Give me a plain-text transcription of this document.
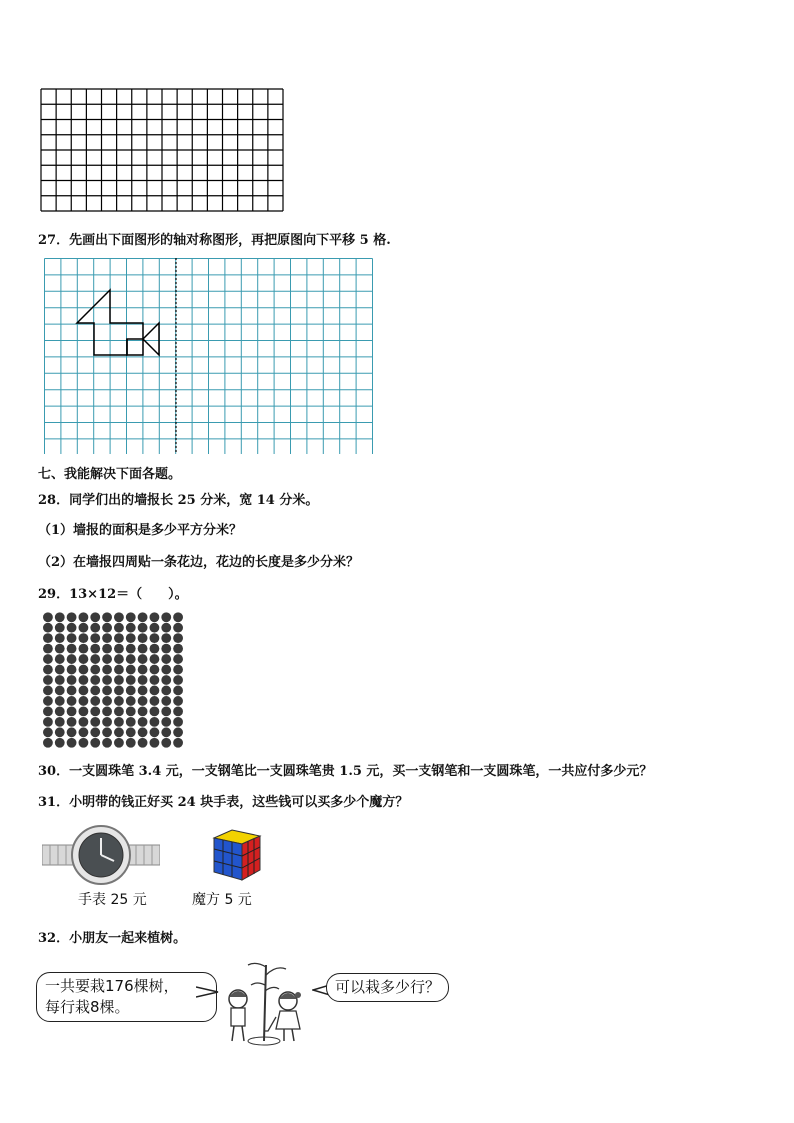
27．先画出下面图形的轴对称图形，再把原图向下平移 5 格.
七、我能解决下面各题。
28．同学们出的墙报长 25 分米，宽 14 分米。
（1）墙报的面积是多少平方分米？
（2）在墙报四周贴一条花边，花边的长度是多少分米？
29．13×12＝（　　）。
30．一支圆珠笔 3.4 元，一支钢笔比一支圆珠笔贵 1.5 元，买一支钢笔和一支圆珠笔，一共应付多少元？
31．小明带的钱正好买 24 块手表，这些钱可以买多少个魔方？
手表 25 元	魔方 5 元
32．小朋友一起来植树。
一共要栽176棵树，
每行栽8棵。
可以栽多少行？
